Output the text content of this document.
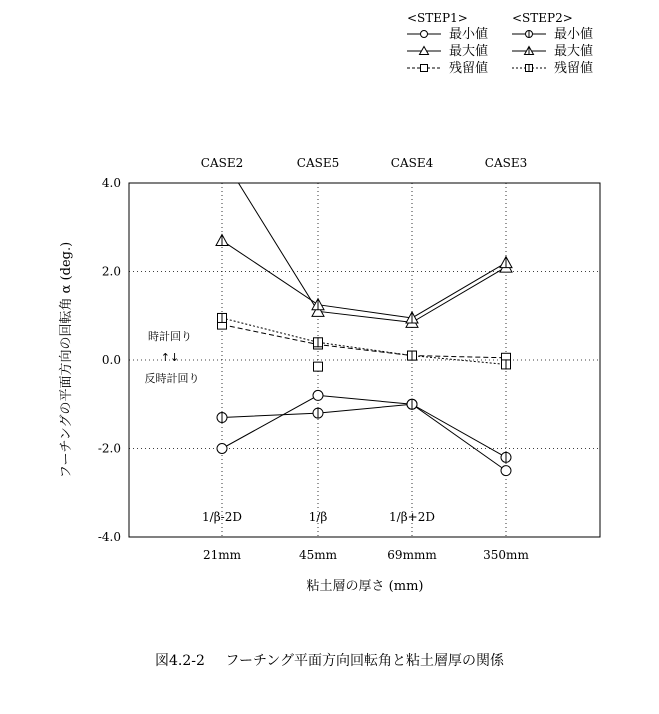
<STEP1>
最小値
最大値
残留値
<STEP2>
最小値
最大値
残留値
4.0
2.0
0.0
-2.0
-4.0
21mm	45mm	69mmm	350mm
CASE2	CASE5	CASE4	CASE3
1/β-2D	1/β	1/β+2D
粘土層の厚さ (mm)
フーチングの平面方向の回転角 α (deg.)	時計回り
↑↓
反時計回り
図4.2-2 フーチング平面方向回転角と粘土層厚の関係
